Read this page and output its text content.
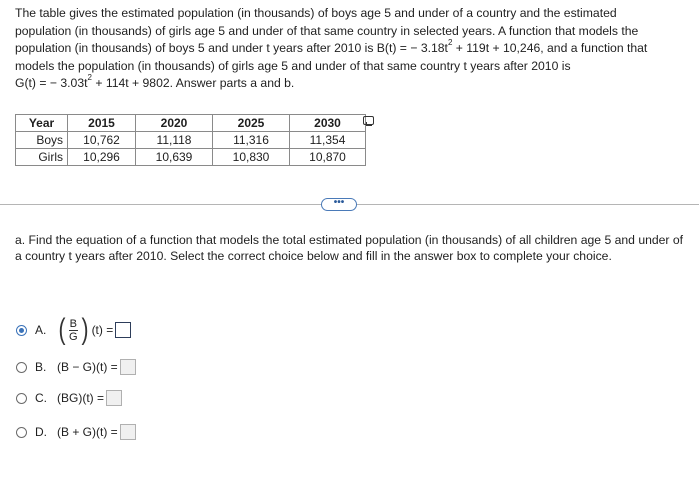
The table gives the estimated population (in thousands) of boys age 5 and under of a country and the estimated

population (in thousands) of girls age 5 and under of that same country in selected years. A function that models the

population (in thousands) of boys 5 and under t years after 2010 is B(t) = − $3.18t^2 + 119t + 10,246$, and a function that

models the population (in thousands) of girls age 5 and under of that same country t years after 2010 is

G(t) = − $3.03t^2 + 114t + 9802$. Answer parts a and b.

Year	2015	2020	2025	2030
Boys	10,762	11,118	11,316	11,354
Girls	10,296	10,639	10,830	10,870
•••
a. Find the equation of a function that models the total estimated population (in thousands) of all children age 5 and under of a country t years after 2010. Select the correct choice below and fill in the answer box to complete your choice.
A. ( $\frac{B}{G}$ ) (t) =
B. (B − G)(t) =
C. (BG)(t) =
D. (B + G)(t) =
